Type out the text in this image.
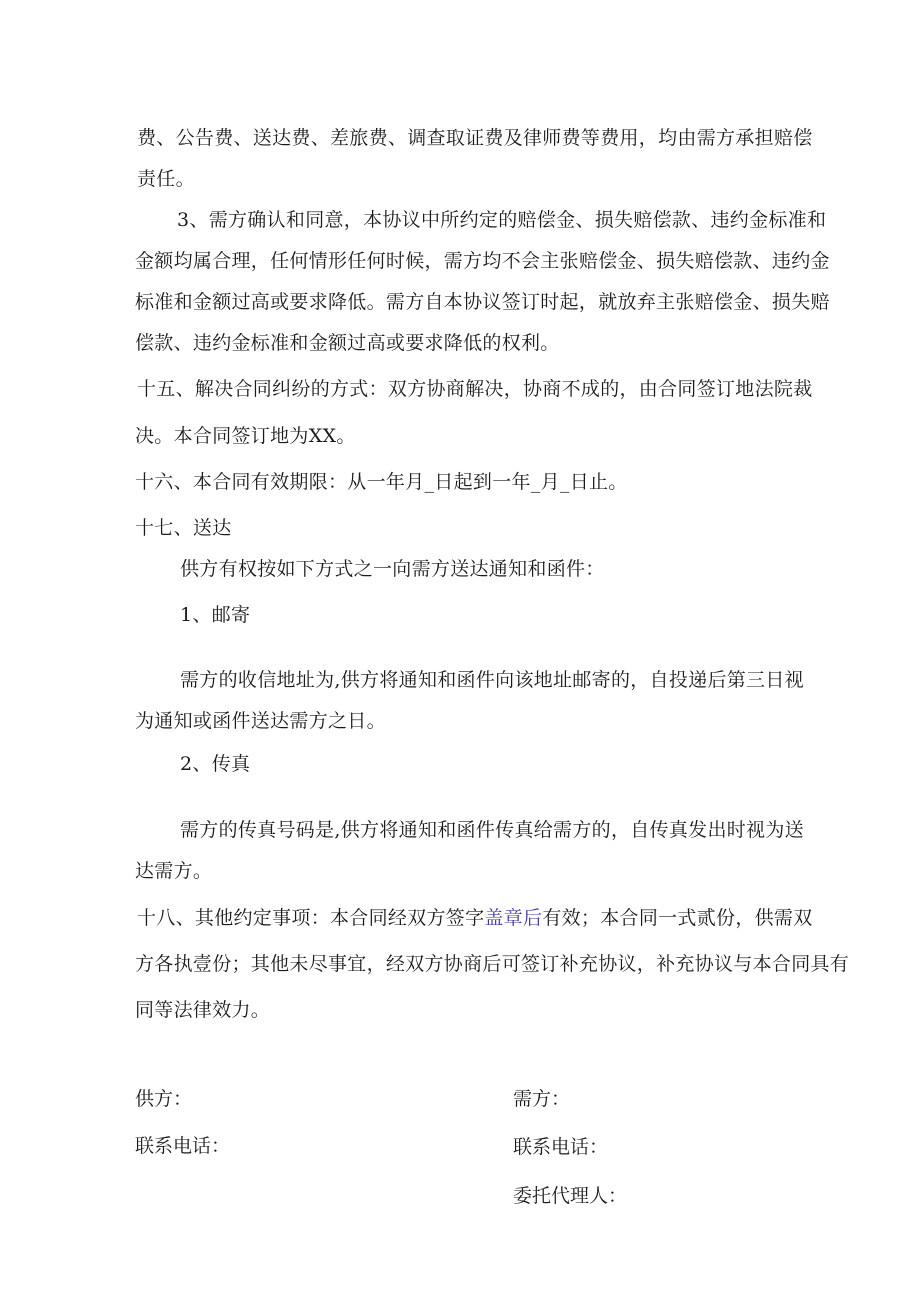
费、公告费、送达费、差旅费、调查取证费及律师费等费用，均由需方承担赔偿
责任。
3、需方确认和同意，本协议中所约定的赔偿金、损失赔偿款、违约金标准和
金额均属合理，任何情形任何时候，需方均不会主张赔偿金、损失赔偿款、违约金
标准和金额过高或要求降低。需方自本协议签订时起，就放弃主张赔偿金、损失赔
偿款、违约金标准和金额过高或要求降低的权利。
十五、解决合同纠纷的方式：双方协商解决，协商不成的，由合同签订地法院裁
决。本合同签订地为XX。
十六、本合同有效期限：从一年月_日起到一年_月_日止。
十七、送达
供方有权按如下方式之一向需方送达通知和函件：
1、邮寄
需方的收信地址为,供方将通知和函件向该地址邮寄的，自投递后第三日视
为通知或函件送达需方之日。
2、传真
需方的传真号码是,供方将通知和函件传真给需方的，自传真发出时视为送
达需方。
十八、其他约定事项：本合同经双方签字盖章后有效；本合同一式贰份，供需双
方各执壹份；其他未尽事宜，经双方协商后可签订补充协议，补充协议与本合同具有
同等法律效力。
供方：	需方：
联系电话：	联系电话：
委托代理人：
